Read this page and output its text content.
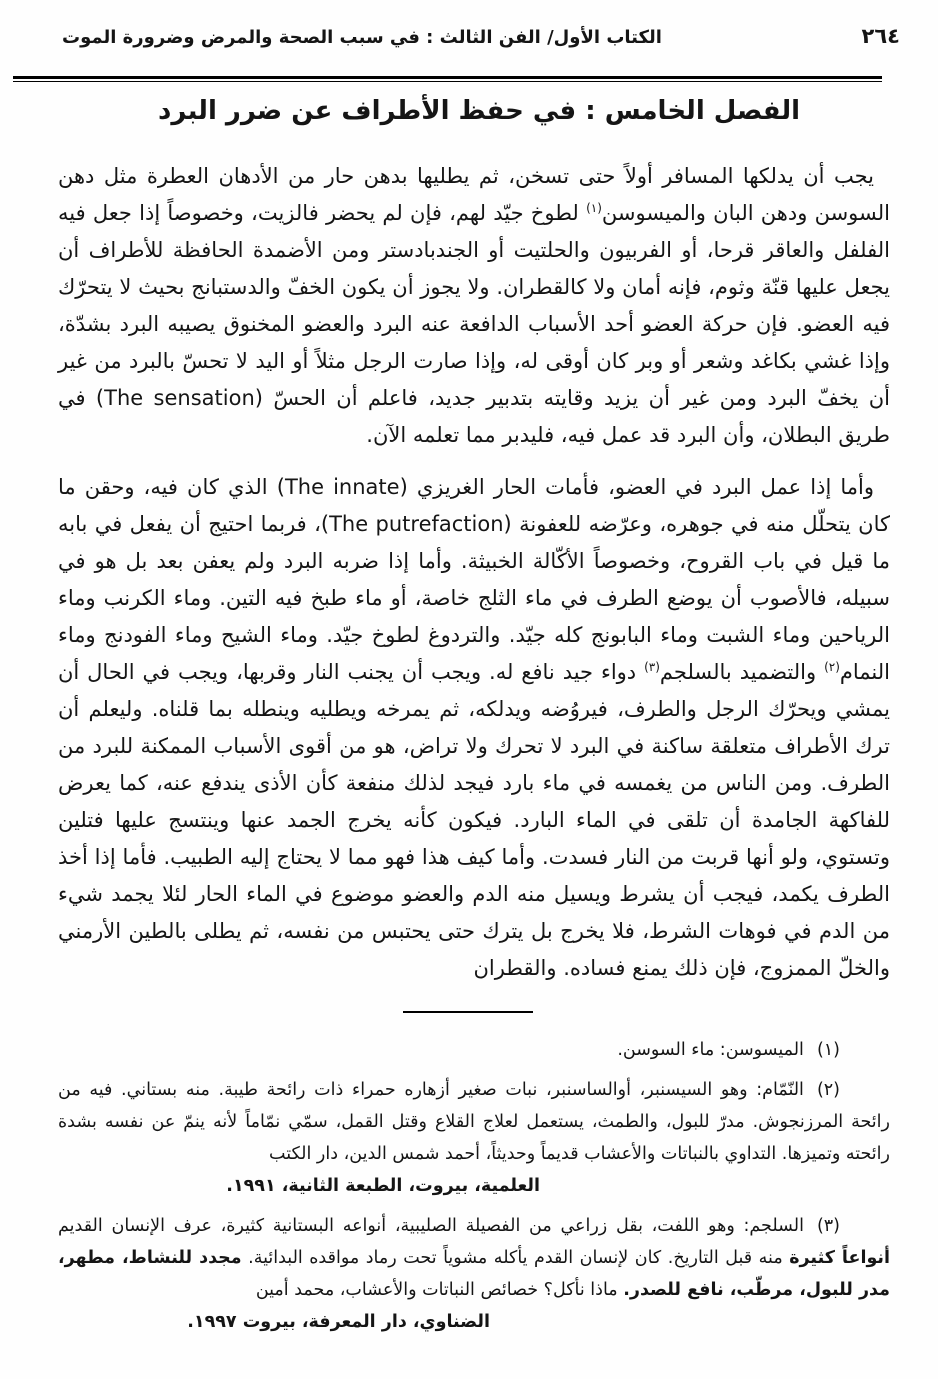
٢٦٤
الكتاب الأول/ الفن الثالث : في سبب الصحة والمرض وضرورة الموت
الفصل الخامس : في حفظ الأطراف عن ضرر البرد
يجب أن يدلكها المسافر أولاً حتى تسخن، ثم يطليها بدهن حار من الأدهان العطرة مثل دهن السوسن ودهن البان والميسوسن$^{(١)}$ لطوخ جيّد لهم، فإن لم يحضر فالزيت، وخصوصاً إذا جعل فيه الفلفل والعاقر قرحا، أو الفربيون والحلتيت أو الجندبادستر ومن الأضمدة الحافظة للأطراف أن يجعل عليها قنّة وثوم، فإنه أمان ولا كالقطران. ولا يجوز أن يكون الخفّ والدستبانج بحيث لا يتحرّك فيه العضو. فإن حركة العضو أحد الأسباب الدافعة عنه البرد والعضو المخنوق يصيبه البرد بشدّة، وإذا غشي بكاغد وشعر أو وبر كان أوقى له، وإذا صارت الرجل مثلاً أو اليد لا تحسّ بالبرد من غير أن يخفّ البرد ومن غير أن يزيد وقايته بتدبير جديد، فاعلم أن الحسّ (The sensation) في طريق البطلان، وأن البرد قد عمل فيه، فليدبر مما تعلمه الآن.
وأما إذا عمل البرد في العضو، فأمات الحار الغريزي (The innate) الذي كان فيه، وحقن ما كان يتحلّل منه في جوهره، وعرّضه للعفونة (The putrefaction)، فربما احتيج أن يفعل في بابه ما قيل في باب القروح، وخصوصاً الأكّالة الخبيثة. وأما إذا ضربه البرد ولم يعفن بعد بل هو في سبيله، فالأصوب أن يوضع الطرف في ماء الثلج خاصة، أو ماء طبخ فيه التين. وماء الكرنب وماء الرياحين وماء الشبت وماء البابونج كله جيّد. والتردوغ لطوخ جيّد. وماء الشيح وماء الفودنج وماء النمام$^{(٢)}$ والتضميد بالسلجم$^{(٣)}$ دواء جيد نافع له. ويجب أن يجنب النار وقربها، ويجب في الحال أن يمشي ويحرّك الرجل والطرف، فيروُضه ويدلكه، ثم يمرخه ويطليه وينطله بما قلناه. وليعلم أن ترك الأطراف متعلقة ساكنة في البرد لا تحرك ولا تراض، هو من أقوى الأسباب الممكنة للبرد من الطرف. ومن الناس من يغمسه في ماء بارد فيجد لذلك منفعة كأن الأذى يندفع عنه، كما يعرض للفاكهة الجامدة أن تلقى في الماء البارد. فيكون كأنه يخرج الجمد عنها وينتسج عليها فتلين وتستوي، ولو أنها قربت من النار فسدت. وأما كيف هذا فهو مما لا يحتاج إليه الطبيب. فأما إذا أخذ الطرف يكمد، فيجب أن يشرط ويسيل منه الدم والعضو موضوع في الماء الحار لئلا يجمد شيء من الدم في فوهات الشرط، فلا يخرج بل يترك حتى يحتبس من نفسه، ثم يطلى بالطين الأرمني والخلّ الممزوج، فإن ذلك يمنع فساده. والقطران
(١)الميسوسن: ماء السوسن.
(٢)النّمّام: وهو السيسنبر، أوالساسنبر، نبات صغير أزهاره حمراء ذات رائحة طيبة. منه بستاني. فيه من رائحة المرزنجوش. مدرّ للبول، والطمث، يستعمل لعلاج القلاع وقتل القمل، سمّي نمّاماً لأنه ينمّ عن نفسه بشدة رائحته وتميزها. التداوي بالنباتات والأعشاب قديماً وحديثاً، أحمد شمس الدين، دار الكتب
العلمية، بيروت، الطبعة الثانية، ١٩٩١.
(٣)السلجم: وهو اللفت، بقل زراعي من الفصيلة الصليبية، أنواعه البستانية كثيرة، عرف الإنسان القديم أنواعاً كثيرة منه قبل التاريخ. كان لإنسان القدم يأكله مشوياً تحت رماد مواقده البدائية. مجدد للنشاط، مطهر، مدر للبول، مرطّب، نافع للصدر. ماذا نأكل؟ خصائص النباتات والأعشاب، محمد أمين
الضناوي، دار المعرفة، بيروت ١٩٩٧.
